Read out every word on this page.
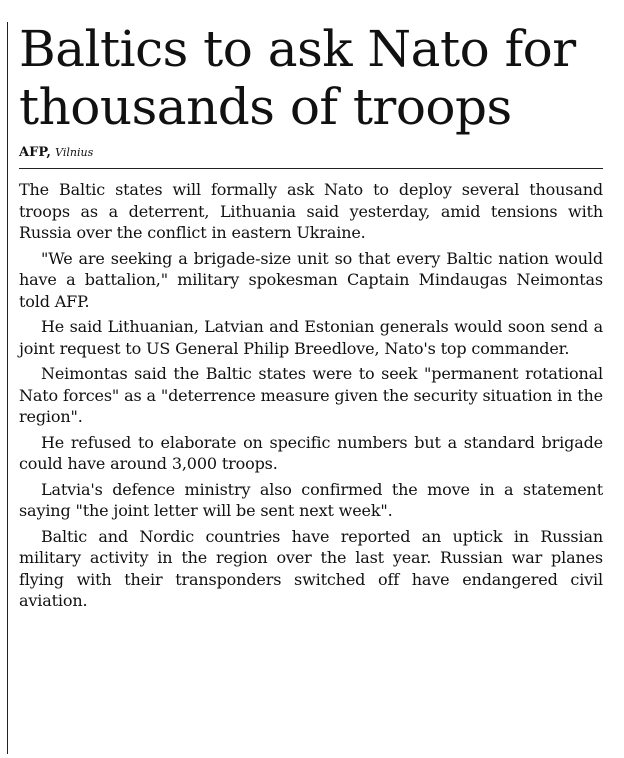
Baltics to ask Nato for thousands of troops
AFP, Vilnius

The Baltic states will formally ask Nato to deploy several thousand troops as a deterrent, Lithuania said yesterday, amid tensions with Russia over the conflict in eastern Ukraine.

"We are seeking a brigade-size unit so that every Baltic nation would have a battalion," military spokesman Captain Mindaugas Neimontas told AFP.

He said Lithuanian, Latvian and Estonian generals would soon send a joint request to US General Philip Breedlove, Nato's top commander.

Neimontas said the Baltic states were to seek "permanent rotational Nato forces" as a "deterrence measure given the security situation in the region".

He refused to elaborate on specific numbers but a standard brigade could have around 3,000 troops.

Latvia's defence ministry also confirmed the move in a statement saying "the joint letter will be sent next week".

Baltic and Nordic countries have reported an uptick in Russian military activity in the region over the last year. Russian war planes flying with their transponders switched off have endangered civil aviation.
